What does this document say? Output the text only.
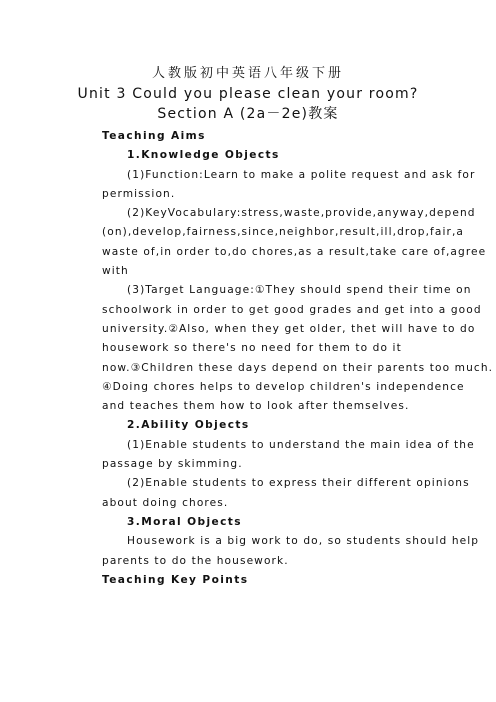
人教版初中英语八年级下册
Unit 3 Could you please clean your room?
Section A (2a－2e)教案
Teaching Aims
1.Knowledge Objects
(1)Function:Learn to make a polite request and ask for
permission.
(2)KeyVocabulary:stress,waste,provide,anyway,depend
(on),develop,fairness,since,neighbor,result,ill,drop,fair,a
waste of,in order to,do chores,as a result,take care of,agree
with
(3)Target Language:①They should spend their time on
schoolwork in order to get good grades and get into a good
university.②Also, when they get older, thet will have to do
housework so there's no need for them to do it
now.③Children these days depend on their parents too much.
④Doing chores helps to develop children's independence
and teaches them how to look after themselves.
2.Ability Objects
(1)Enable students to understand the main idea of the
passage by skimming.
(2)Enable students to express their different opinions
about doing chores.
3.Moral Objects
Housework is a big work to do, so students should help
parents to do the housework.
Teaching Key Points
